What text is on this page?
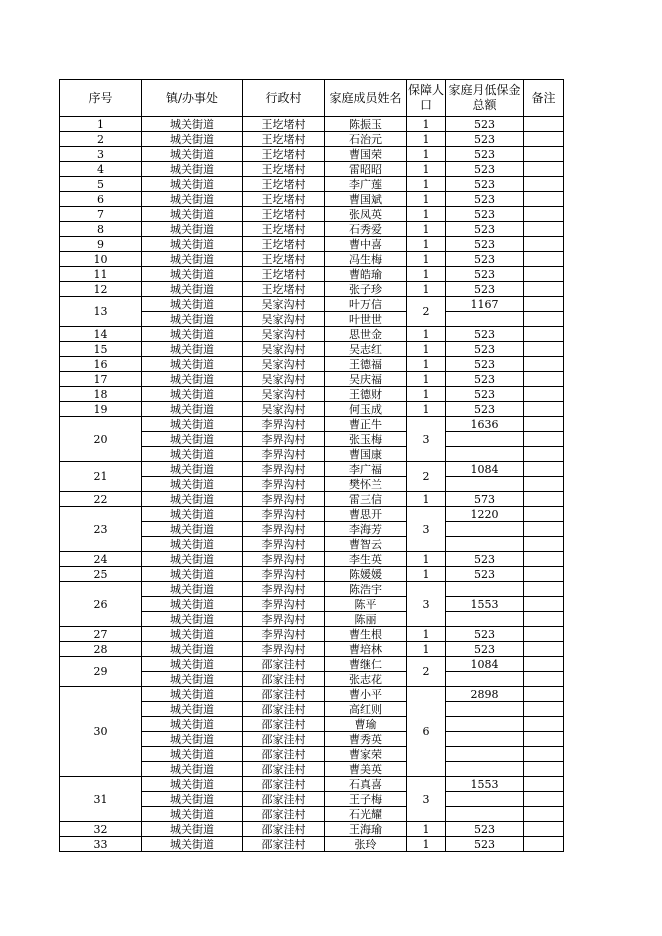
序号	镇/办事处	行政村	家庭成员姓名	保障人口	家庭月低保金总额	备注
1	城关街道	王圪堵村	陈振玉	1	523	
2	城关街道	王圪堵村	石治元	1	523	
3	城关街道	王圪堵村	曹国荣	1	523	
4	城关街道	王圪堵村	雷昭昭	1	523	
5	城关街道	王圪堵村	李广莲	1	523	
6	城关街道	王圪堵村	曹国斌	1	523	
7	城关街道	王圪堵村	张凤英	1	523	
8	城关街道	王圪堵村	石秀爱	1	523	
9	城关街道	王圪堵村	曹中喜	1	523	
10	城关街道	王圪堵村	冯生梅	1	523	
11	城关街道	王圪堵村	曹皓瑜	1	523	
12	城关街道	王圪堵村	张子珍	1	523	
13	城关街道	吴家沟村	叶万信	2	1167	
	城关街道	吴家沟村	叶世世			
14	城关街道	吴家沟村	思世金	1	523	
15	城关街道	吴家沟村	吴志红	1	523	
16	城关街道	吴家沟村	王德福	1	523	
17	城关街道	吴家沟村	吴庆福	1	523	
18	城关街道	吴家沟村	王德财	1	523	
19	城关街道	吴家沟村	何玉成	1	523	
20	城关街道	李界沟村	曹正牛	3	1636	
	城关街道	李界沟村	张玉梅			
	城关街道	李界沟村	曹国康			
21	城关街道	李界沟村	李广福	2	1084	
	城关街道	李界沟村	樊怀兰			
22	城关街道	李界沟村	雷三信	1	573	
23	城关街道	李界沟村	曹思开	3	1220	
	城关街道	李界沟村	李海芳			
	城关街道	李界沟村	曹智云			
24	城关街道	李界沟村	李生英	1	523	
25	城关街道	李界沟村	陈媛媛	1	523	
26	城关街道	李界沟村	陈浩宇	3		
	城关街道	李界沟村	陈平		1553	
	城关街道	李界沟村	陈丽			
27	城关街道	李界沟村	曹生根	1	523	
28	城关街道	李界沟村	曹培林	1	523	
29	城关街道	邵家洼村	曹继仁	2	1084	
	城关街道	邵家洼村	张志花			
30	城关街道	邵家洼村	曹小平	6	2898	
	城关街道	邵家洼村	高红则			
	城关街道	邵家洼村	曹瑜			
	城关街道	邵家洼村	曹秀英			
	城关街道	邵家洼村	曹家荣			
	城关街道	邵家洼村	曹美英			
31	城关街道	邵家洼村	石真喜	3	1553	
	城关街道	邵家洼村	王子梅			
	城关街道	邵家洼村	石光耀			
32	城关街道	邵家洼村	王海瑜	1	523	
33	城关街道	邵家洼村	张玲	1	523	
